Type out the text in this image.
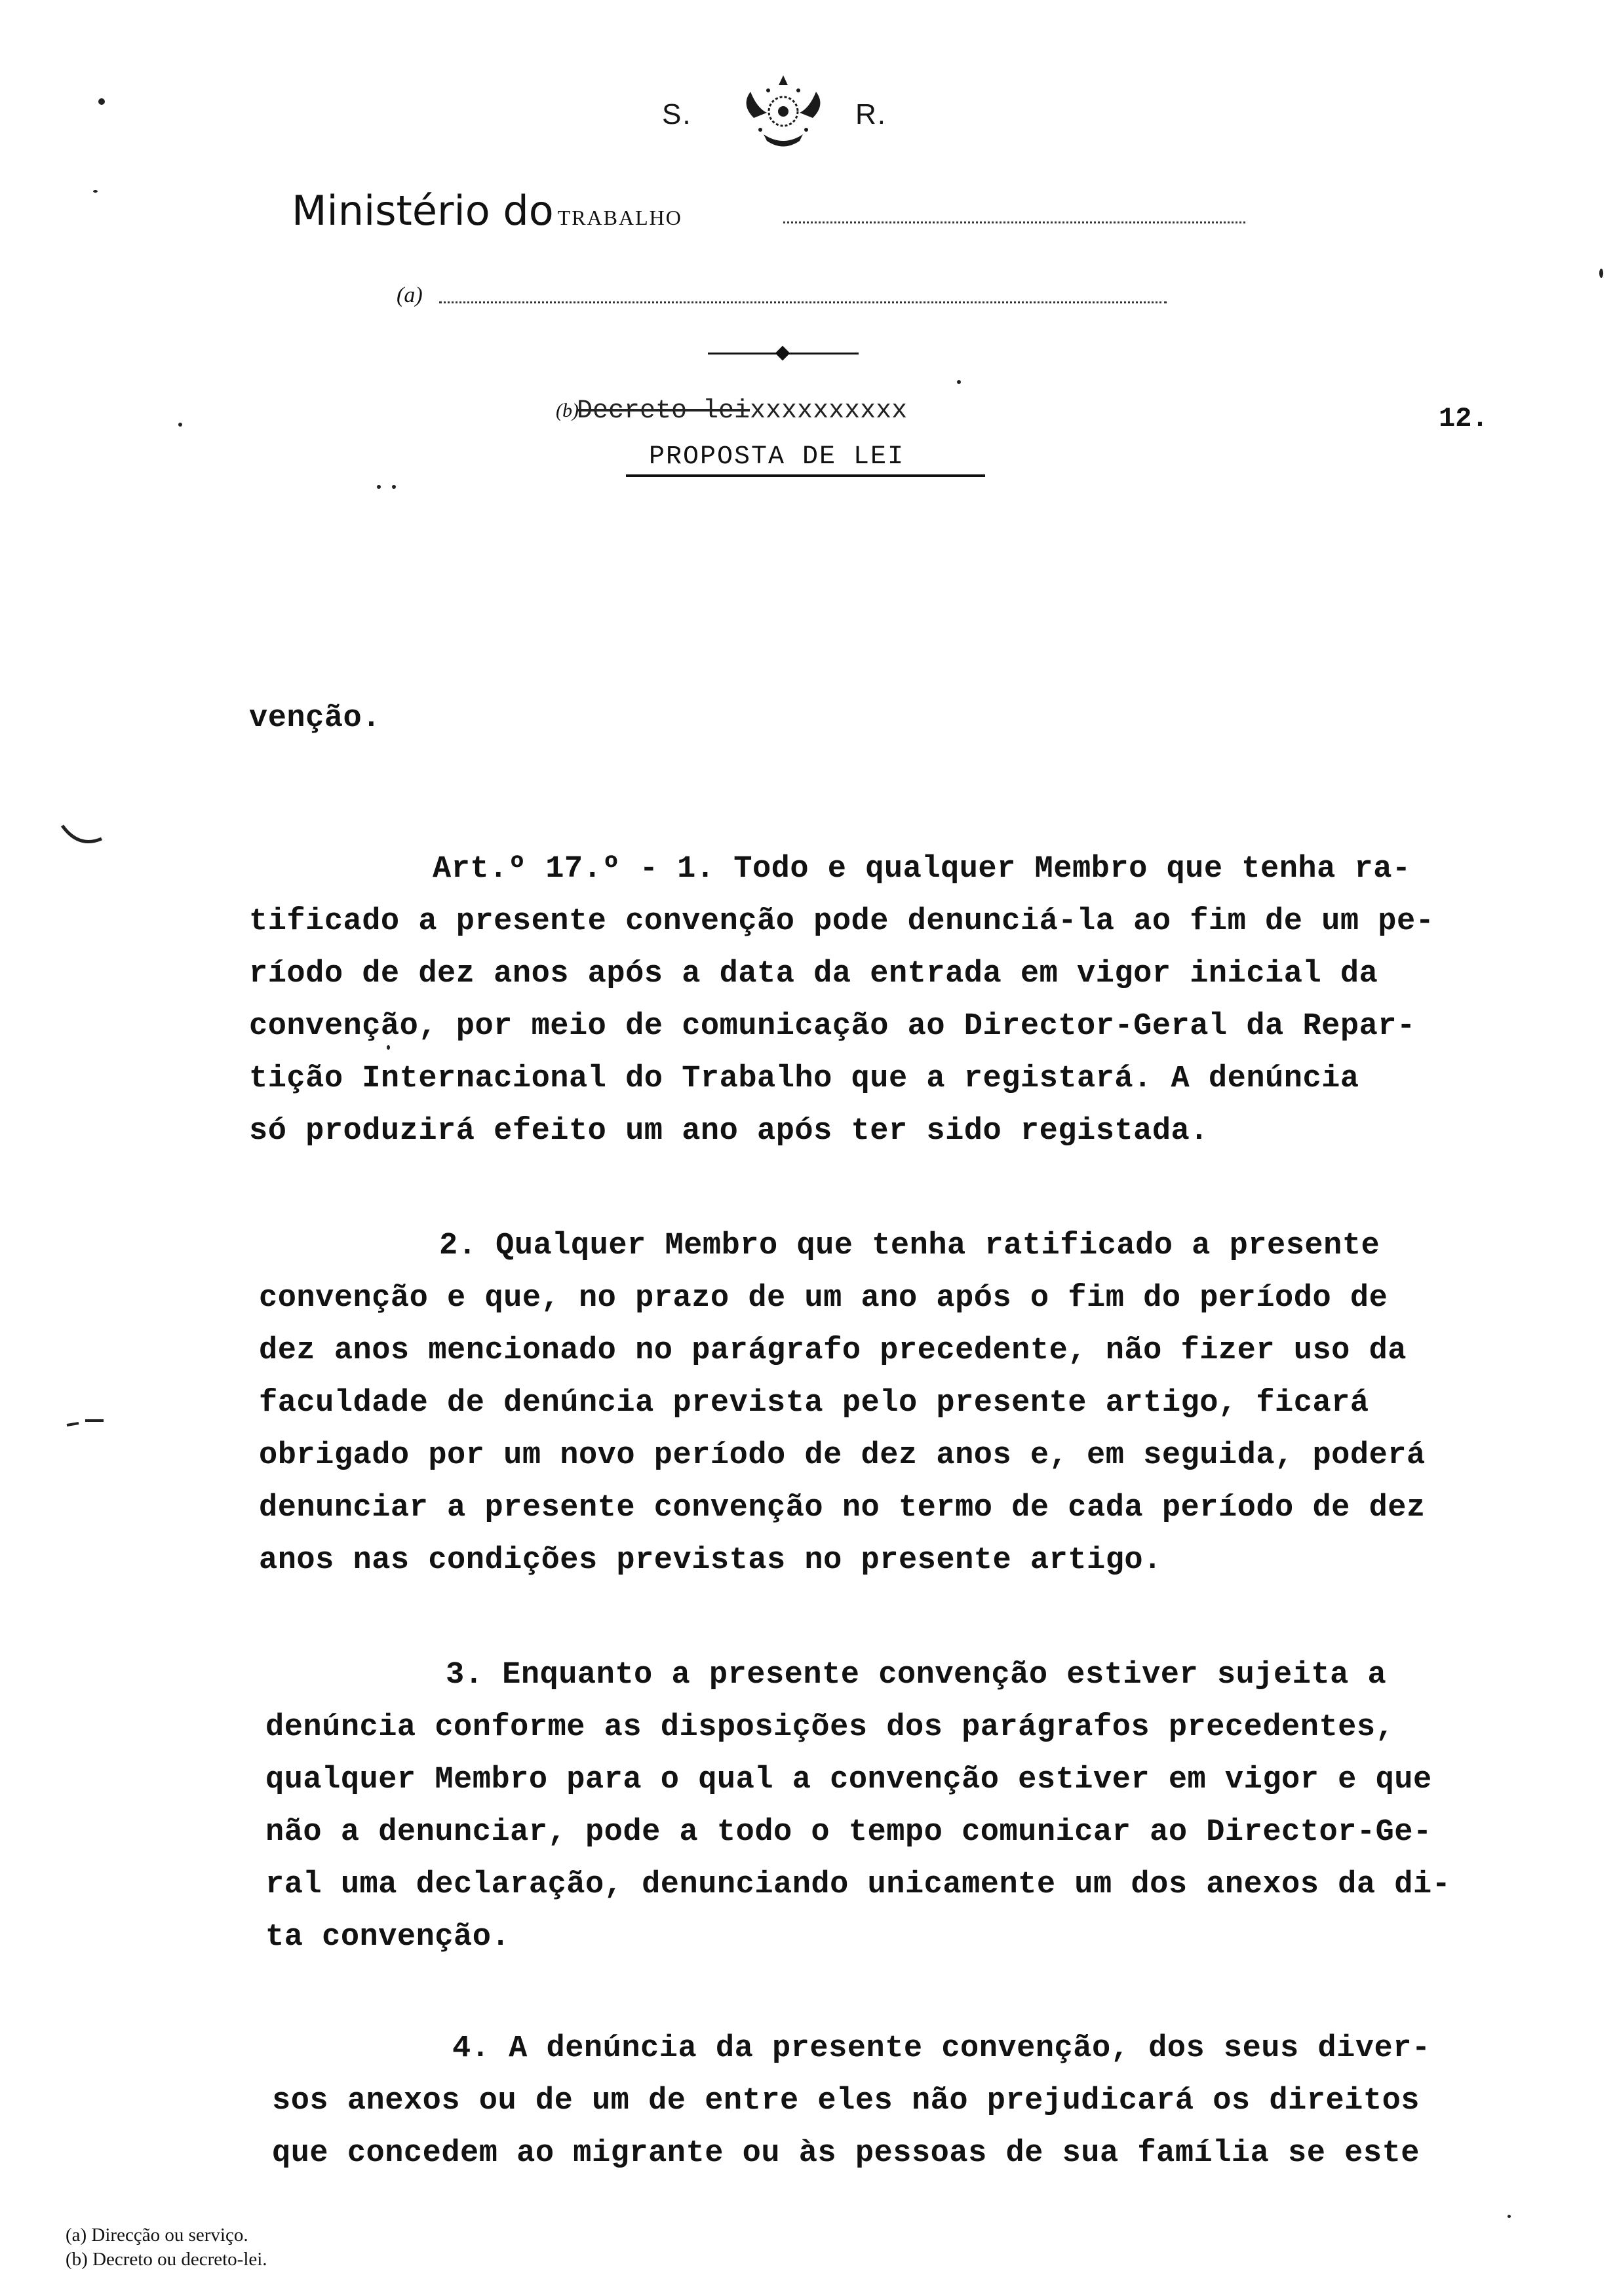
S.	R.
Ministério do TRABALHO
(a)
(b)
Decreto-leixxxxxxxxxx	12.
PROPOSTA DE LEI
venção.
Art.º 17.º - 1. Todo e qualquer Membro que tenha ra-
tificado a presente convenção pode denunciá-la ao fim de um pe-
ríodo de dez anos após a data da entrada em vigor inicial da
convenção, por meio de comunicação ao Director-Geral da Repar-
tição Internacional do Trabalho que a registará. A denúncia
só produzirá efeito um ano após ter sido registada.
2. Qualquer Membro que tenha ratificado a presente
convenção e que, no prazo de um ano após o fim do período de
dez anos mencionado no parágrafo precedente, não fizer uso da
faculdade de denúncia prevista pelo presente artigo, ficará
obrigado por um novo período de dez anos e, em seguida, poderá
denunciar a presente convenção no termo de cada período de dez
anos nas condições previstas no presente artigo.
3. Enquanto a presente convenção estiver sujeita a
denúncia conforme as disposições dos parágrafos precedentes,
qualquer Membro para o qual a convenção estiver em vigor e que
não a denunciar, pode a todo o tempo comunicar ao Director-Ge-
ral uma declaração, denunciando unicamente um dos anexos da di-
ta convenção.
4. A denúncia da presente convenção, dos seus diver-
sos anexos ou de um de entre eles não prejudicará os direitos
que concedem ao migrante ou às pessoas de sua família se este
(a) Direcção ou serviço.
(b) Decreto ou decreto-lei.
